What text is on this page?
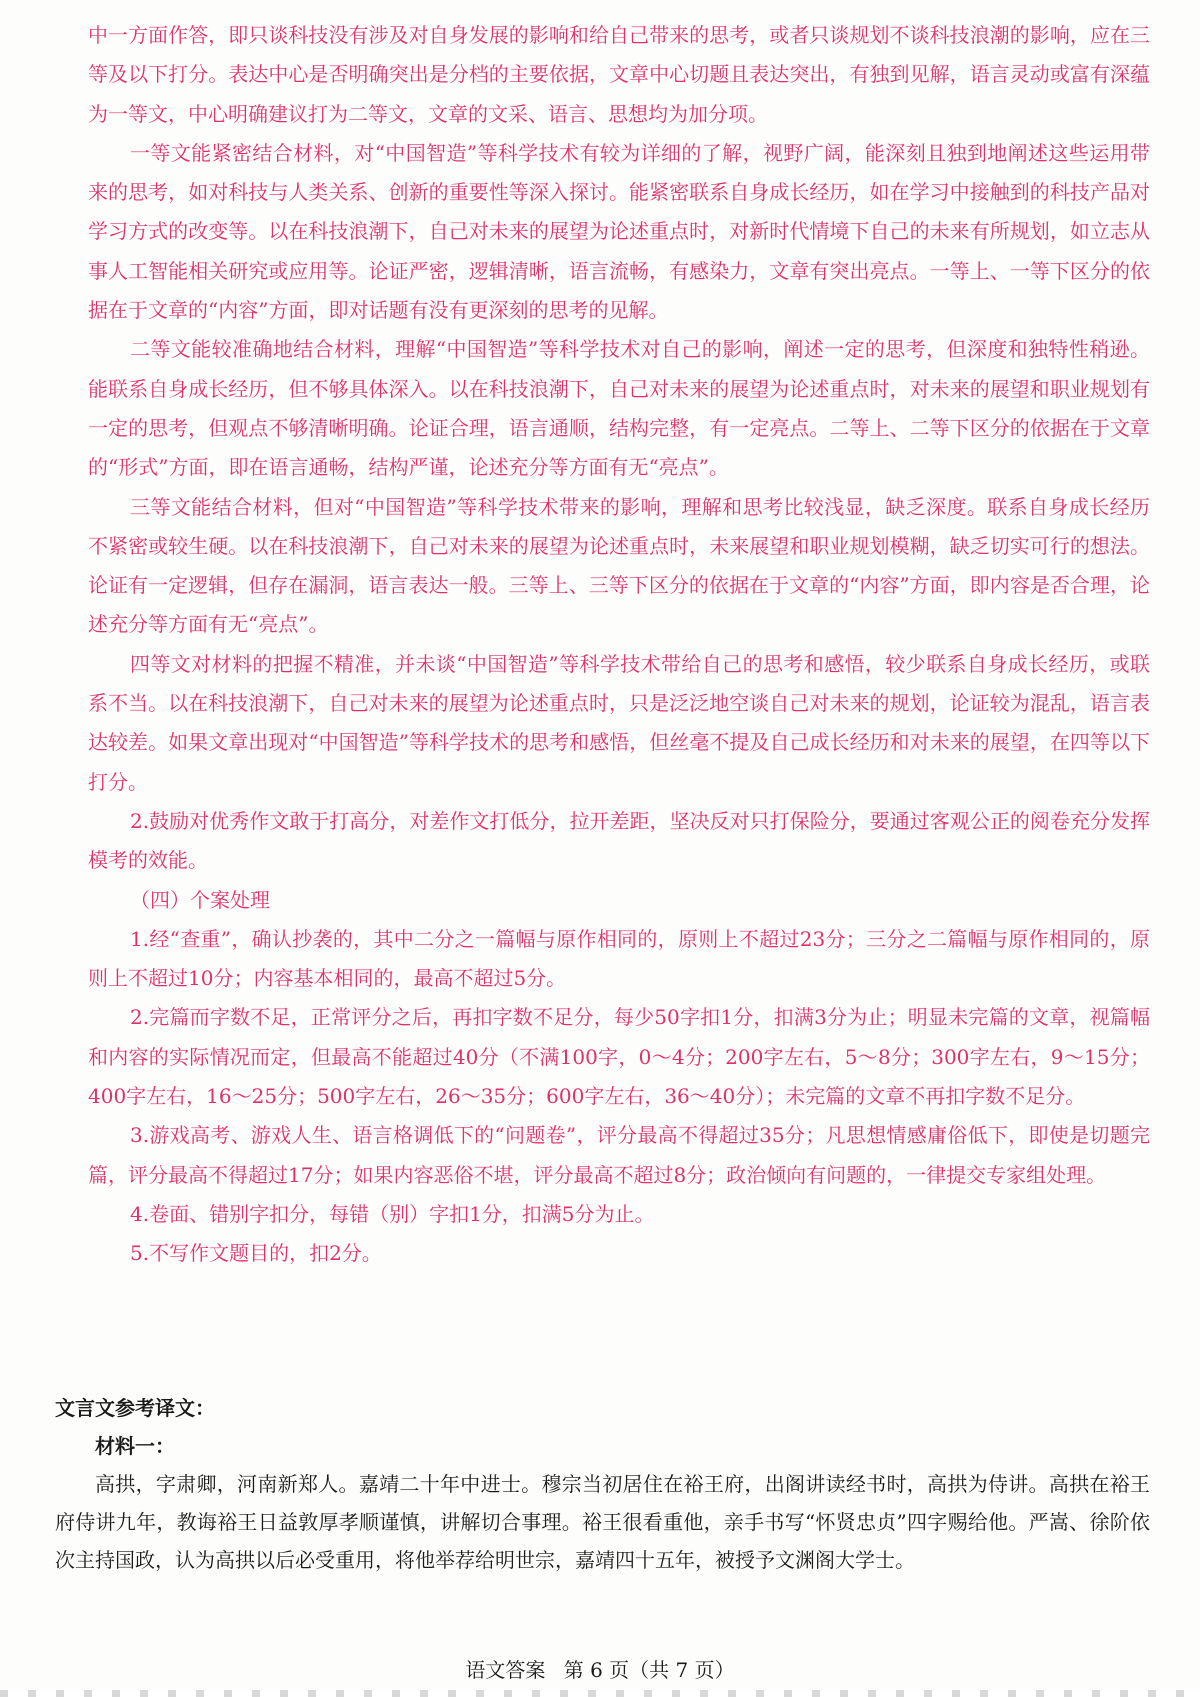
中一方面作答，即只谈科技没有涉及对自身发展的影响和给自己带来的思考，或者只谈规划不谈科技浪潮的影响，应在三等及以下打分。表达中心是否明确突出是分档的主要依据，文章中心切题且表达突出，有独到见解，语言灵动或富有深蕴为一等文，中心明确建议打为二等文，文章的文采、语言、思想均为加分项。

一等文能紧密结合材料，对“中国智造”等科学技术有较为详细的了解，视野广阔，能深刻且独到地阐述这些运用带来的思考，如对科技与人类关系、创新的重要性等深入探讨。能紧密联系自身成长经历，如在学习中接触到的科技产品对学习方式的改变等。以在科技浪潮下，自己对未来的展望为论述重点时，对新时代情境下自己的未来有所规划，如立志从事人工智能相关研究或应用等。论证严密，逻辑清晰，语言流畅，有感染力，文章有突出亮点。一等上、一等下区分的依据在于文章的“内容”方面，即对话题有没有更深刻的思考的见解。

二等文能较准确地结合材料，理解“中国智造”等科学技术对自己的影响，阐述一定的思考，但深度和独特性稍逊。能联系自身成长经历，但不够具体深入。以在科技浪潮下，自己对未来的展望为论述重点时，对未来的展望和职业规划有一定的思考，但观点不够清晰明确。论证合理，语言通顺，结构完整，有一定亮点。二等上、二等下区分的依据在于文章的“形式”方面，即在语言通畅，结构严谨，论述充分等方面有无“亮点”。

三等文能结合材料，但对“中国智造”等科学技术带来的影响，理解和思考比较浅显，缺乏深度。联系自身成长经历不紧密或较生硬。以在科技浪潮下，自己对未来的展望为论述重点时，未来展望和职业规划模糊，缺乏切实可行的想法。论证有一定逻辑，但存在漏洞，语言表达一般。三等上、三等下区分的依据在于文章的“内容”方面，即内容是否合理，论述充分等方面有无“亮点”。

四等文对材料的把握不精准，并未谈“中国智造”等科学技术带给自己的思考和感悟，较少联系自身成长经历，或联系不当。以在科技浪潮下，自己对未来的展望为论述重点时，只是泛泛地空谈自己对未来的规划，论证较为混乱，语言表达较差。如果文章出现对“中国智造”等科学技术的思考和感悟，但丝毫不提及自己成长经历和对未来的展望，在四等以下打分。

2.鼓励对优秀作文敢于打高分，对差作文打低分，拉开差距，坚决反对只打保险分，要通过客观公正的阅卷充分发挥模考的效能。

（四）个案处理

1.经“查重”，确认抄袭的，其中二分之一篇幅与原作相同的，原则上不超过23分；三分之二篇幅与原作相同的，原则上不超过10分；内容基本相同的，最高不超过5分。

2.完篇而字数不足，正常评分之后，再扣字数不足分，每少50字扣1分，扣满3分为止；明显未完篇的文章，视篇幅和内容的实际情况而定，但最高不能超过40分（不满100字，0～4分；200字左右，5～8分；300字左右，9～15分；400字左右，16～25分；500字左右，26～35分；600字左右，36～40分）；未完篇的文章不再扣字数不足分。

3.游戏高考、游戏人生、语言格调低下的“问题卷”，评分最高不得超过35分；凡思想情感庸俗低下，即使是切题完篇，评分最高不得超过17分；如果内容恶俗不堪，评分最高不超过8分；政治倾向有问题的，一律提交专家组处理。

4.卷面、错别字扣分，每错（别）字扣1分，扣满5分为止。

5.不写作文题目的，扣2分。

文言文参考译文：

材料一：

高拱，字肃卿，河南新郑人。嘉靖二十年中进士。穆宗当初居住在裕王府，出阁讲读经书时，高拱为侍讲。高拱在裕王府侍讲九年，教诲裕王日益敦厚孝顺谨慎，讲解切合事理。裕王很看重他，亲手书写“怀贤忠贞”四字赐给他。严嵩、徐阶依次主持国政，认为高拱以后必受重用，将他举荐给明世宗，嘉靖四十五年，被授予文渊阁大学士。

语文答案 第 6 页（共 7 页）
